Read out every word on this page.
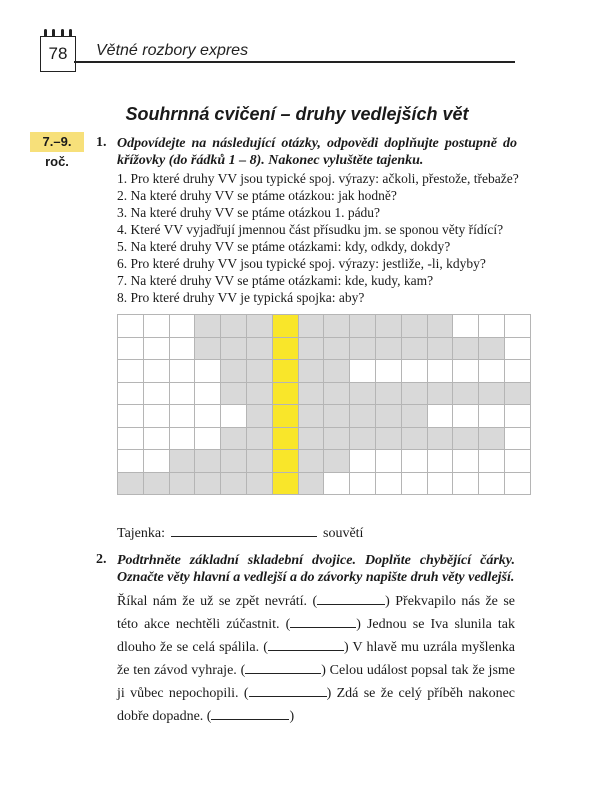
78	Větné rozbory expres
Souhrnná cvičení – druhy vedlejších vět
7.–9. roč.
1. Odpovídejte na následující otázky, odpovědi doplňujte postupně do křížovky (do řádků 1 – 8). Nakonec vyluštěte tajenku.
1. Pro které druhy VV jsou typické spoj. výrazy: ačkoli, přestože, třebaže?
2. Na které druhy VV se ptáme otázkou: jak hodně?
3. Na které druhy VV se ptáme otázkou 1. pádu?
4. Které VV vyjadřují jmennou část přísudku jm. se sponou věty řídící?
5. Na které druhy VV se ptáme otázkami: kdy, odkdy, dokdy?
6. Pro které druhy VV jsou typické spoj. výrazy: jestliže, -li, kdyby?
7. Na které druhy VV se ptáme otázkami: kde, kudy, kam?
8. Pro které druhy VV je typická spojka: aby?

Tajenka:	souvětí
2. Podtrhněte základní skladební dvojice. Doplňte chybějící čárky. Označte věty hlavní a vedlejší a do závorky napište druh věty vedlejší.
Říkal nám že už se zpět nevrátí. (	) Překvapilo nás že se této akce nechtěli zúčastnit. (	) Jednou se Iva slunila tak dlouho že se celá spálila. (	) V hlavě mu uzrála myšlenka že ten závod vyhraje. (	) Celou událost popsal tak že jsme ji vůbec nepochopili. (	) Zdá se že celý příběh nakonec dobře dopadne. (	)
